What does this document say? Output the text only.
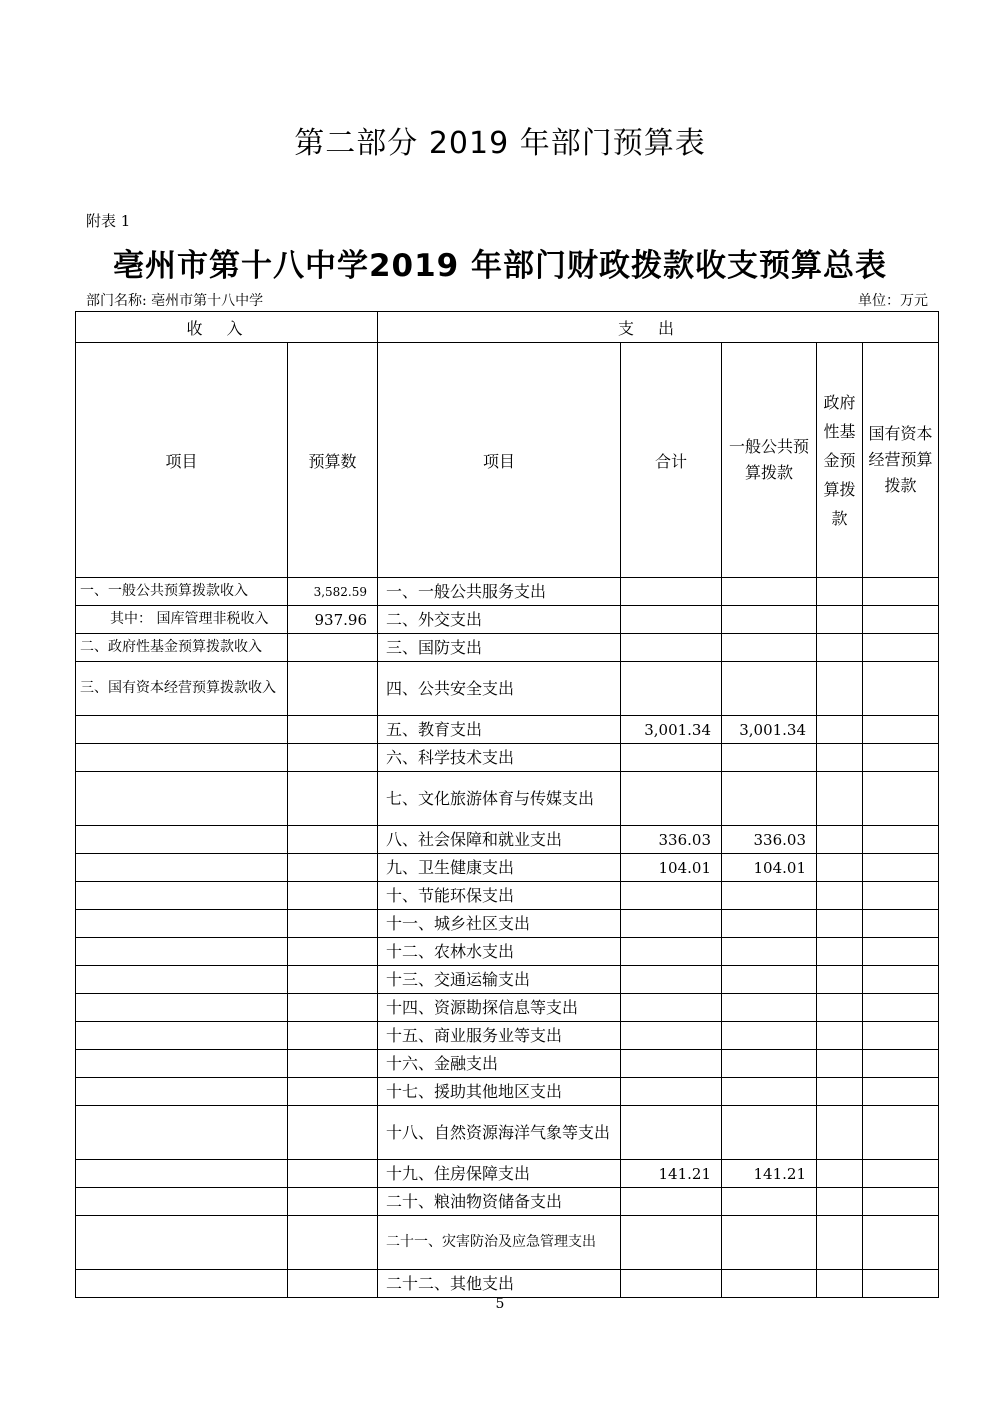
第二部分 2019 年部门预算表
附表 1
亳州市第十八中学2019 年部门财政拨款收支预算总表
部门名称: 亳州市第十八中学	单位：万元
收入		支出				
项目	预算数	项目	合计	一般公共预算拨款	政府性基金预算拨款	国有资本经营预算拨款
一、一般公共预算拨款收入	3,582.59	一、一般公共服务支出				
其中： 国库管理非税收入	937.96	二、外交支出				
二、政府性基金预算拨款收入		三、国防支出				
三、国有资本经营预算拨款收入		四、公共安全支出				
		五、教育支出	3,001.34	3,001.34		
		六、科学技术支出				
		七、文化旅游体育与传媒支出				
		八、社会保障和就业支出	336.03	336.03		
		九、卫生健康支出	104.01	104.01		
		十、节能环保支出				
		十一、城乡社区支出				
		十二、农林水支出				
		十三、交通运输支出				
		十四、资源勘探信息等支出				
		十五、商业服务业等支出				
		十六、金融支出				
		十七、援助其他地区支出				
		十八、自然资源海洋气象等支出				
		十九、住房保障支出	141.21	141.21		
		二十、粮油物资储备支出				
		二十一、灾害防治及应急管理支出				
		二十二、其他支出				
5
